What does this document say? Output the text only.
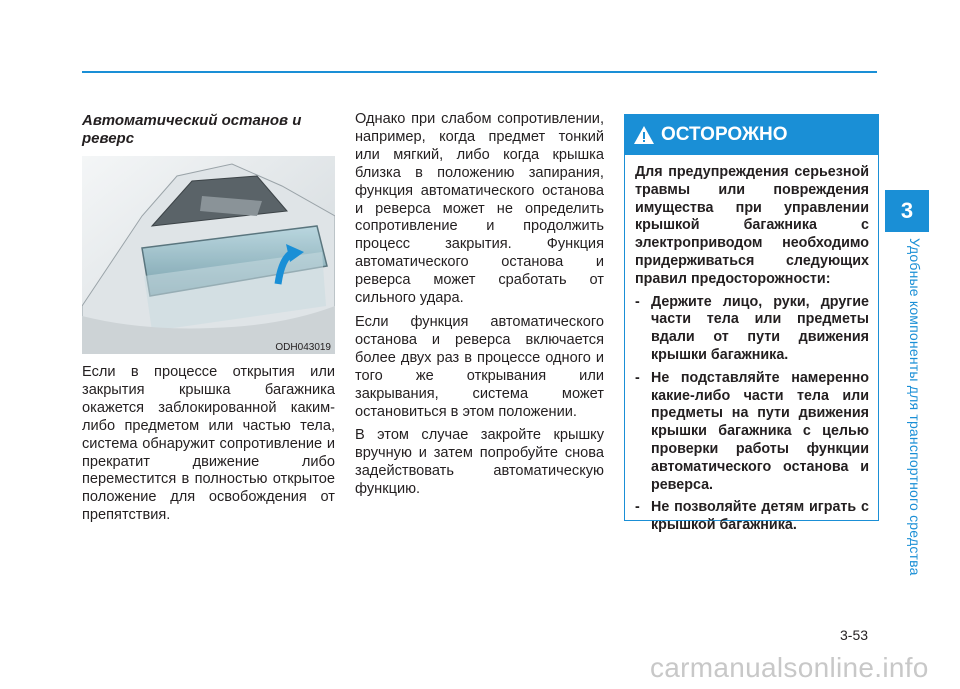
3
Удобные компоненты для транспортного средства
Автоматический останов и реверс
ODH043019

Если в процессе открытия или закрытия крышка багажника окажется заблокированной каким-либо предметом или частью тела, система обнаружит сопротивление и прекратит движение либо переместится в полностью открытое положение для освобождения от препятствия.

Однако при слабом сопротивлении, например, когда предмет тонкий или мягкий, либо когда крышка близка в положению запирания, функция автоматического останова и реверса может не определить сопротивление и продолжить процесс закрытия. Функция автоматического останова и реверса может сработать от сильного удара.

Если функция автоматического останова и реверса включается более двух раз в процессе одного и того же открывания или закрывания, система может остановиться в этом положении.

В этом случае закройте крышку вручную и затем попробуйте снова задействовать автоматическую функцию.

ОСТОРОЖНО

Для предупреждения серьезной травмы или повреждения имущества при управлении крышкой багажника с электроприводом необходимо придерживаться следующих правил предосторожности:

- Держите лицо, руки, другие части тела или предметы вдали от пути движения крышки багажника.
- Не подставляйте намеренно какие-либо части тела или предметы на пути движения крышки багажника с целью проверки работы функции автоматического останова и реверса.
- Не позволяйте детям играть с крышкой багажника.
3-53
carmanualsonline.info
